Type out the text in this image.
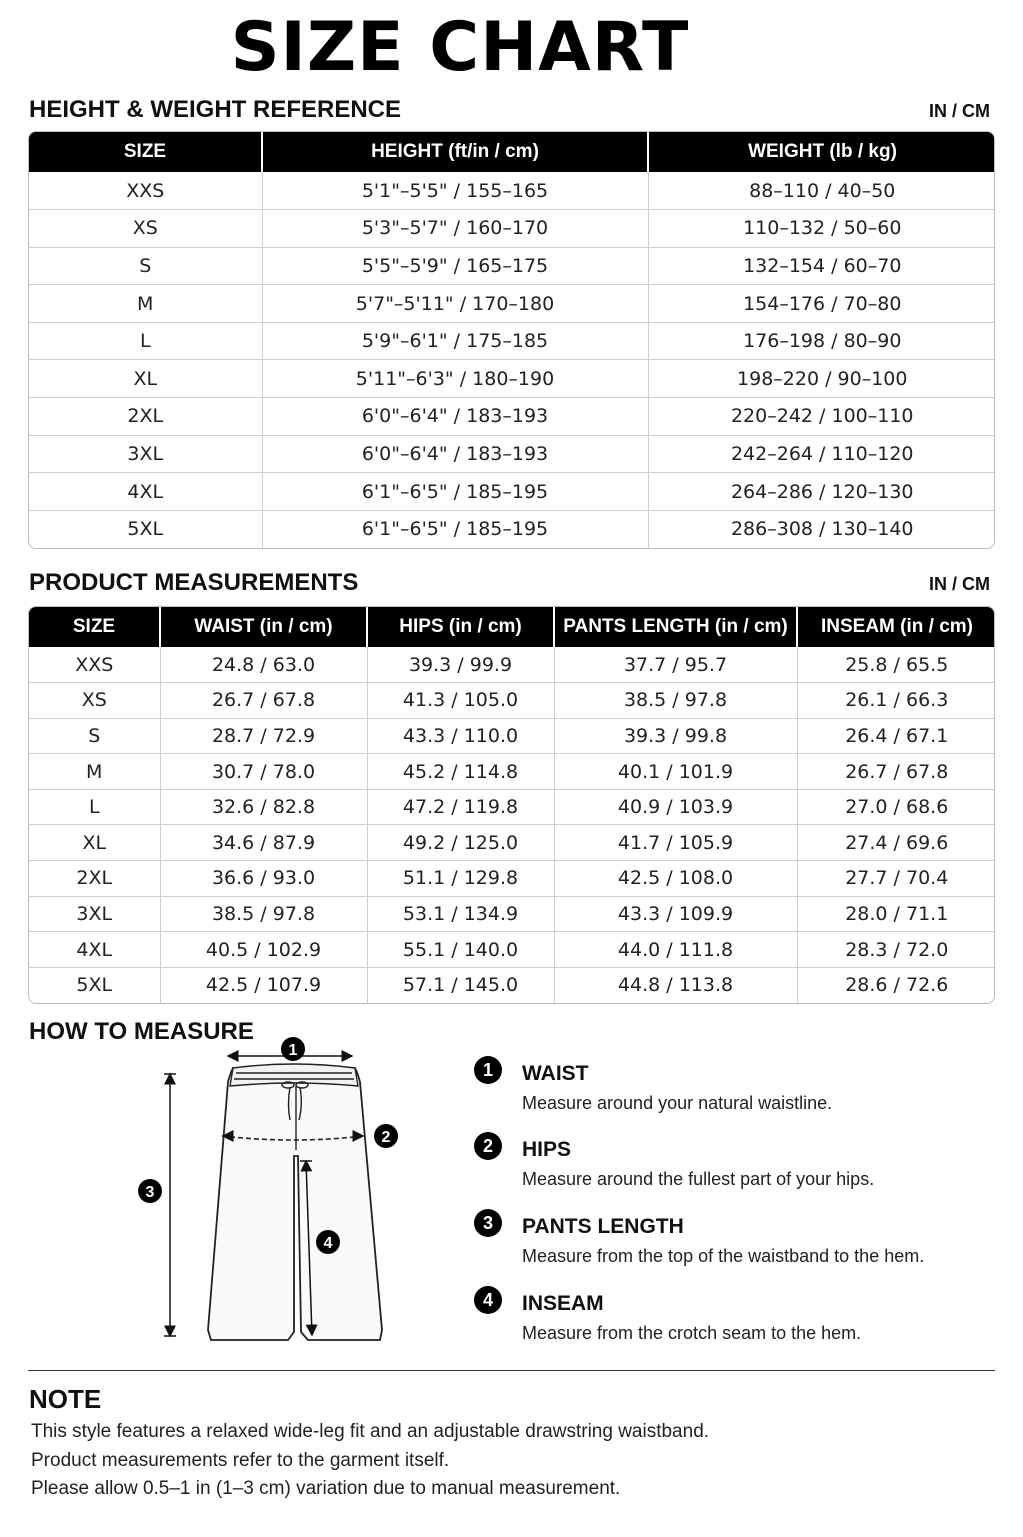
SIZE CHART
HEIGHT & WEIGHT REFERENCE	IN / CM
SIZE	HEIGHT (ft/in / cm)	WEIGHT (lb / kg)
XXS	5'1"–5'5" / 155–165	88–110 / 40–50
XS	5'3"–5'7" / 160–170	110–132 / 50–60
S	5'5"–5'9" / 165–175	132–154 / 60–70
M	5'7"–5'11" / 170–180	154–176 / 70–80
L	5'9"–6'1" / 175–185	176–198 / 80–90
XL	5'11"–6'3" / 180–190	198–220 / 90–100
2XL	6'0"–6'4" / 183–193	220–242 / 100–110
3XL	6'0"–6'4" / 183–193	242–264 / 110–120
4XL	6'1"–6'5" / 185–195	264–286 / 120–130
5XL	6'1"–6'5" / 185–195	286–308 / 130–140
PRODUCT MEASUREMENTS	IN / CM
SIZE	WAIST (in / cm)	HIPS (in / cm)	PANTS LENGTH (in / cm)	INSEAM (in / cm)
XXS	24.8 / 63.0	39.3 / 99.9	37.7 / 95.7	25.8 / 65.5
XS	26.7 / 67.8	41.3 / 105.0	38.5 / 97.8	26.1 / 66.3
S	28.7 / 72.9	43.3 / 110.0	39.3 / 99.8	26.4 / 67.1
M	30.7 / 78.0	45.2 / 114.8	40.1 / 101.9	26.7 / 67.8
L	32.6 / 82.8	47.2 / 119.8	40.9 / 103.9	27.0 / 68.6
XL	34.6 / 87.9	49.2 / 125.0	41.7 / 105.9	27.4 / 69.6
2XL	36.6 / 93.0	51.1 / 129.8	42.5 / 108.0	27.7 / 70.4
3XL	38.5 / 97.8	53.1 / 134.9	43.3 / 109.9	28.0 / 71.1
4XL	40.5 / 102.9	55.1 / 140.0	44.0 / 111.8	28.3 / 72.0
5XL	42.5 / 107.9	57.1 / 145.0	44.8 / 113.8	28.6 / 72.6
HOW TO MEASURE
1
2
3
4
1	WAIST
Measure around your natural waistline.
2	HIPS
Measure around the fullest part of your hips.
3	PANTS LENGTH
Measure from the top of the waistband to the hem.
4	INSEAM
Measure from the crotch seam to the hem.
NOTE
This style features a relaxed wide-leg fit and an adjustable drawstring waistband.
Product measurements refer to the garment itself.
Please allow 0.5–1 in (1–3 cm) variation due to manual measurement.
